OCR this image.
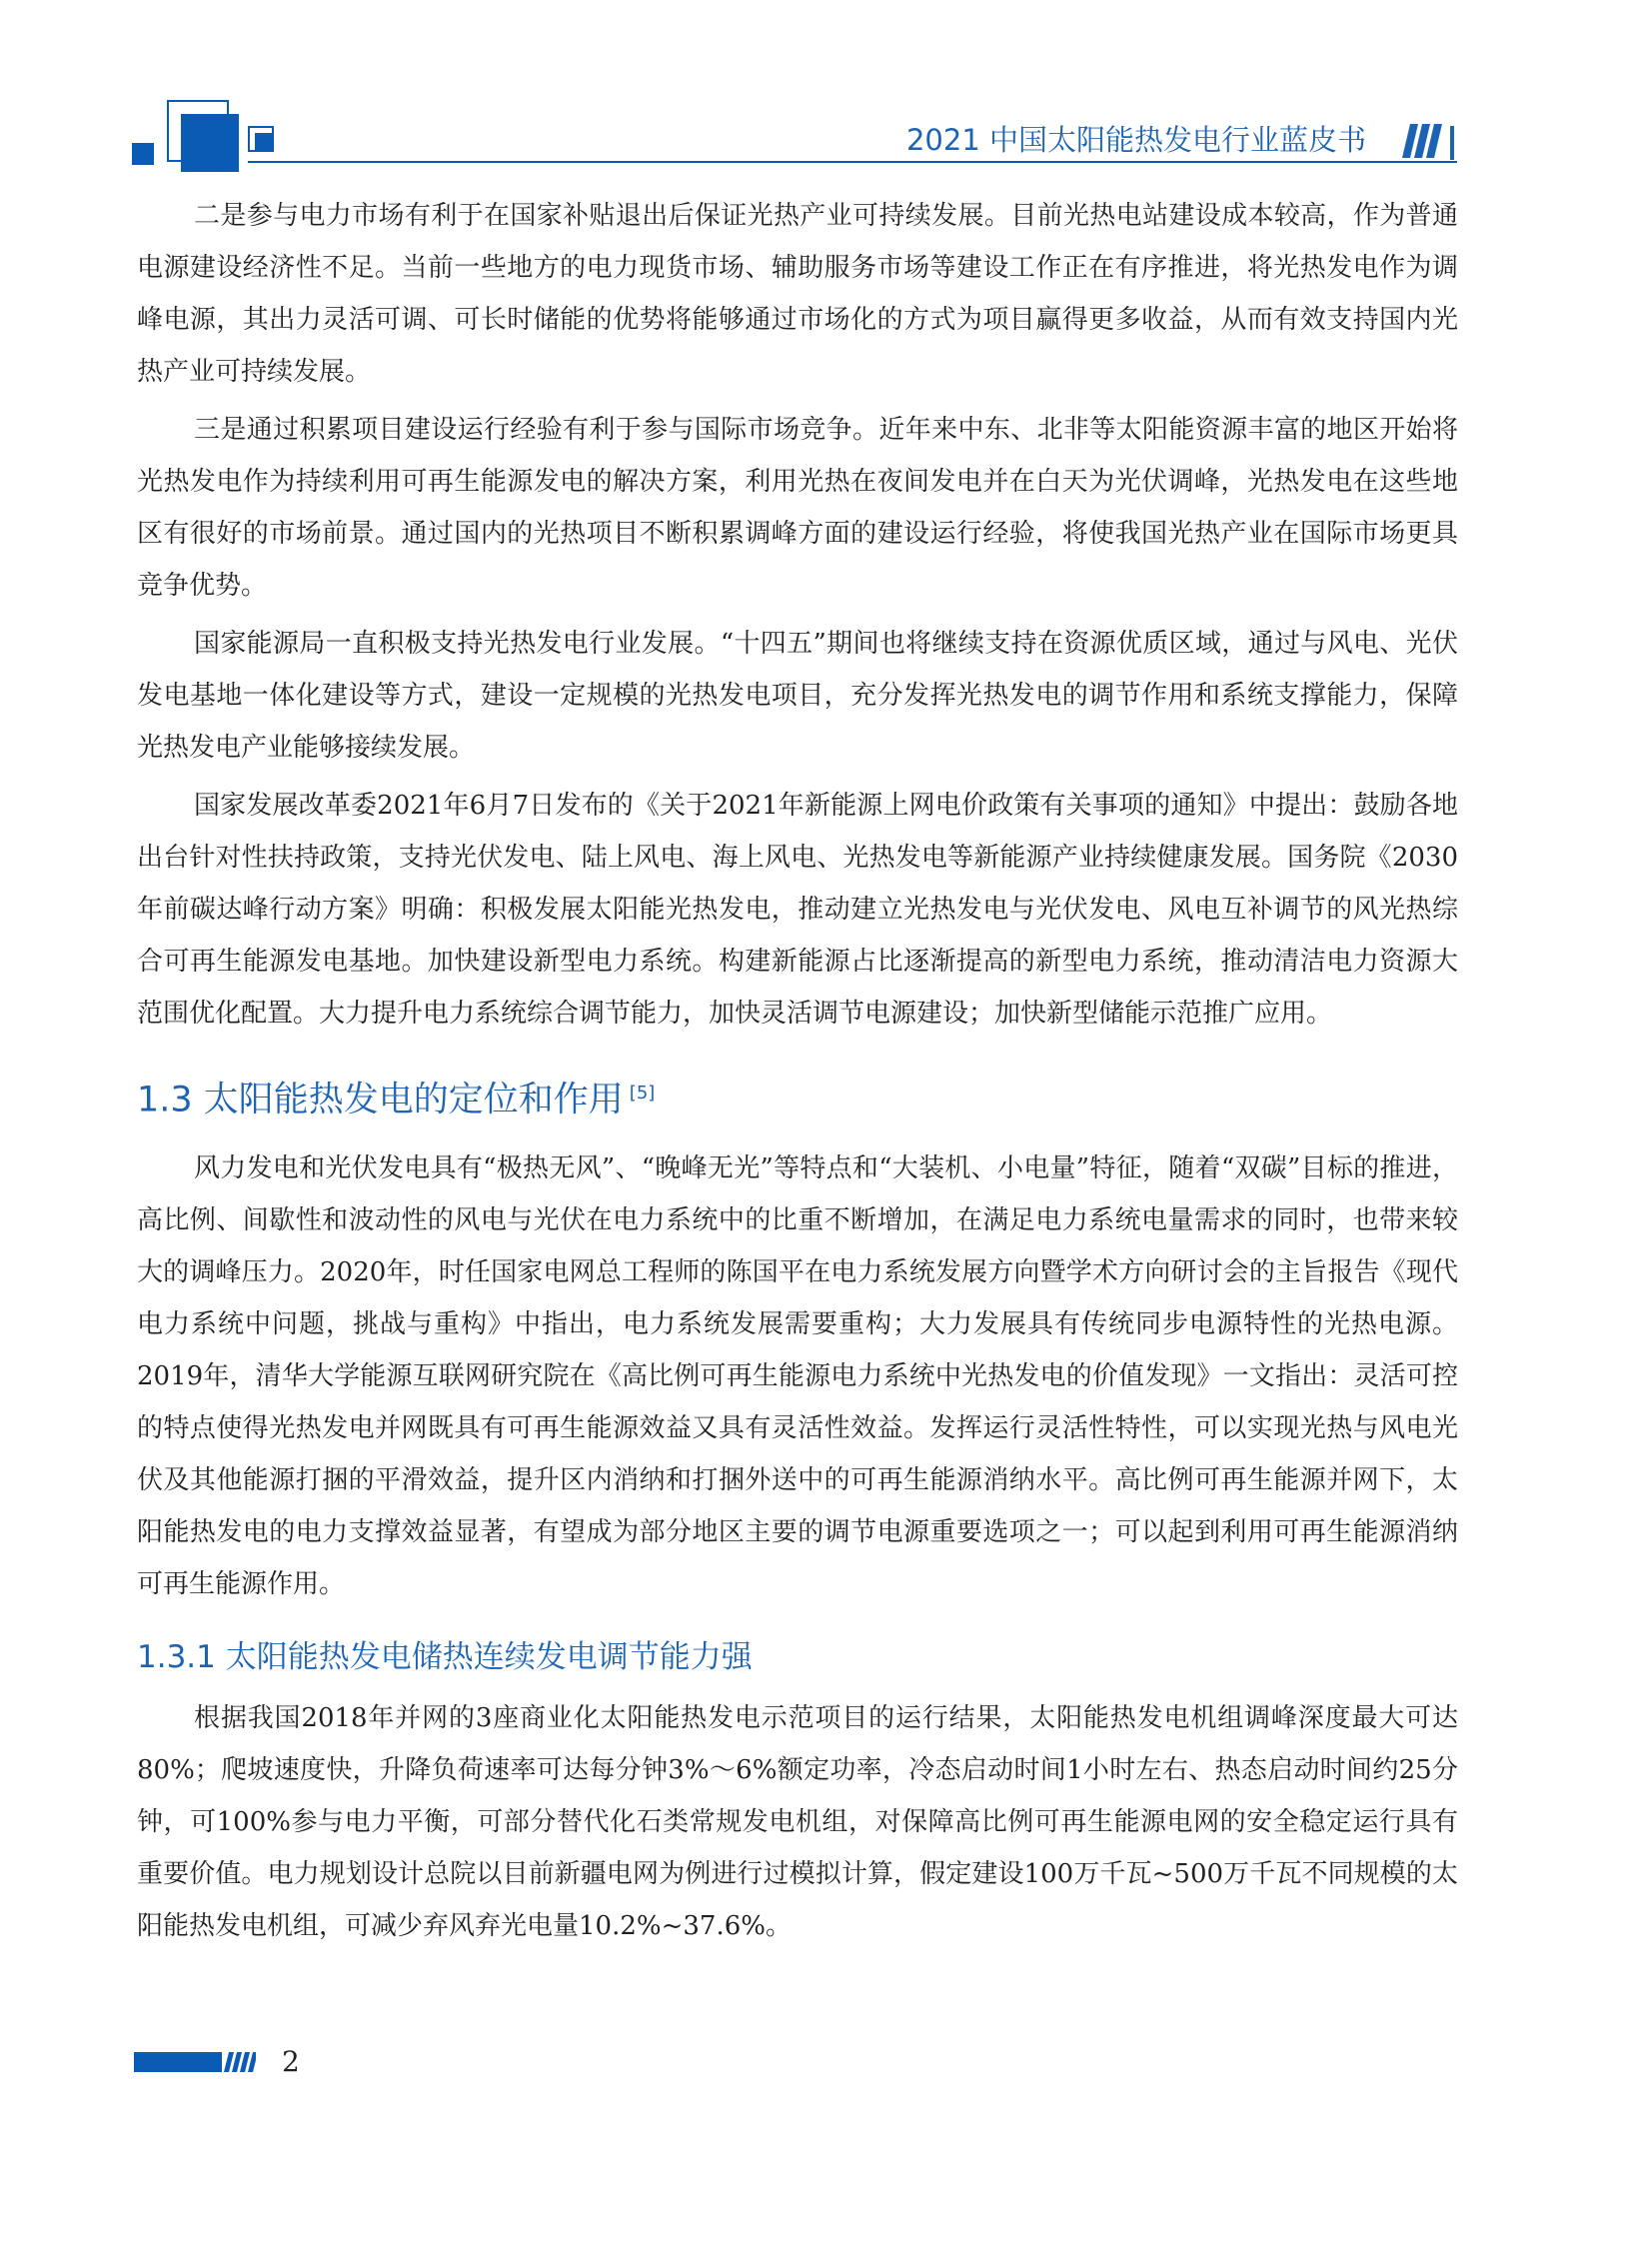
2021 中国太阳能热发电行业蓝皮书

二是参与电力市场有利于在国家补贴退出后保证光热产业可持续发展。目前光热电站建设成本较高，作为普通电源建设经济性不足。当前一些地方的电力现货市场、辅助服务市场等建设工作正在有序推进，将光热发电作为调峰电源，其出力灵活可调、可长时储能的优势将能够通过市场化的方式为项目赢得更多收益，从而有效支持国内光热产业可持续发展。

三是通过积累项目建设运行经验有利于参与国际市场竞争。近年来中东、北非等太阳能资源丰富的地区开始将光热发电作为持续利用可再生能源发电的解决方案，利用光热在夜间发电并在白天为光伏调峰，光热发电在这些地区有很好的市场前景。通过国内的光热项目不断积累调峰方面的建设运行经验，将使我国光热产业在国际市场更具竞争优势。

国家能源局一直积极支持光热发电行业发展。“十四五”期间也将继续支持在资源优质区域，通过与风电、光伏发电基地一体化建设等方式，建设一定规模的光热发电项目，充分发挥光热发电的调节作用和系统支撑能力，保障光热发电产业能够接续发展。

国家发展改革委2021年6月7日发布的《关于2021年新能源上网电价政策有关事项的通知》中提出：鼓励各地出台针对性扶持政策，支持光伏发电、陆上风电、海上风电、光热发电等新能源产业持续健康发展。国务院《2030年前碳达峰行动方案》明确：积极发展太阳能光热发电，推动建立光热发电与光伏发电、风电互补调节的风光热综合可再生能源发电基地。加快建设新型电力系统。构建新能源占比逐渐提高的新型电力系统，推动清洁电力资源大范围优化配置。大力提升电力系统综合调节能力，加快灵活调节电源建设；加快新型储能示范推广应用。

1.3 太阳能热发电的定位和作用 [5]

风力发电和光伏发电具有“极热无风”、“晚峰无光”等特点和“大装机、小电量”特征，随着“双碳”目标的推进，高比例、间歇性和波动性的风电与光伏在电力系统中的比重不断增加，在满足电力系统电量需求的同时，也带来较大的调峰压力。2020年，时任国家电网总工程师的陈国平在电力系统发展方向暨学术方向研讨会的主旨报告《现代电力系统中问题，挑战与重构》中指出，电力系统发展需要重构；大力发展具有传统同步电源特性的光热电源。2019年，清华大学能源互联网研究院在《高比例可再生能源电力系统中光热发电的价值发现》一文指出：灵活可控的特点使得光热发电并网既具有可再生能源效益又具有灵活性效益。发挥运行灵活性特性，可以实现光热与风电光伏及其他能源打捆的平滑效益，提升区内消纳和打捆外送中的可再生能源消纳水平。高比例可再生能源并网下，太阳能热发电的电力支撑效益显著，有望成为部分地区主要的调节电源重要选项之一；可以起到利用可再生能源消纳可再生能源作用。

1.3.1 太阳能热发电储热连续发电调节能力强

根据我国2018年并网的3座商业化太阳能热发电示范项目的运行结果，太阳能热发电机组调峰深度最大可达80%；爬坡速度快，升降负荷速率可达每分钟3%～6%额定功率，冷态启动时间1小时左右、热态启动时间约25分钟，可100%参与电力平衡，可部分替代化石类常规发电机组，对保障高比例可再生能源电网的安全稳定运行具有重要价值。电力规划设计总院以目前新疆电网为例进行过模拟计算，假定建设100万千瓦~500万千瓦不同规模的太阳能热发电机组，可减少弃风弃光电量10.2%~37.6%。

2
